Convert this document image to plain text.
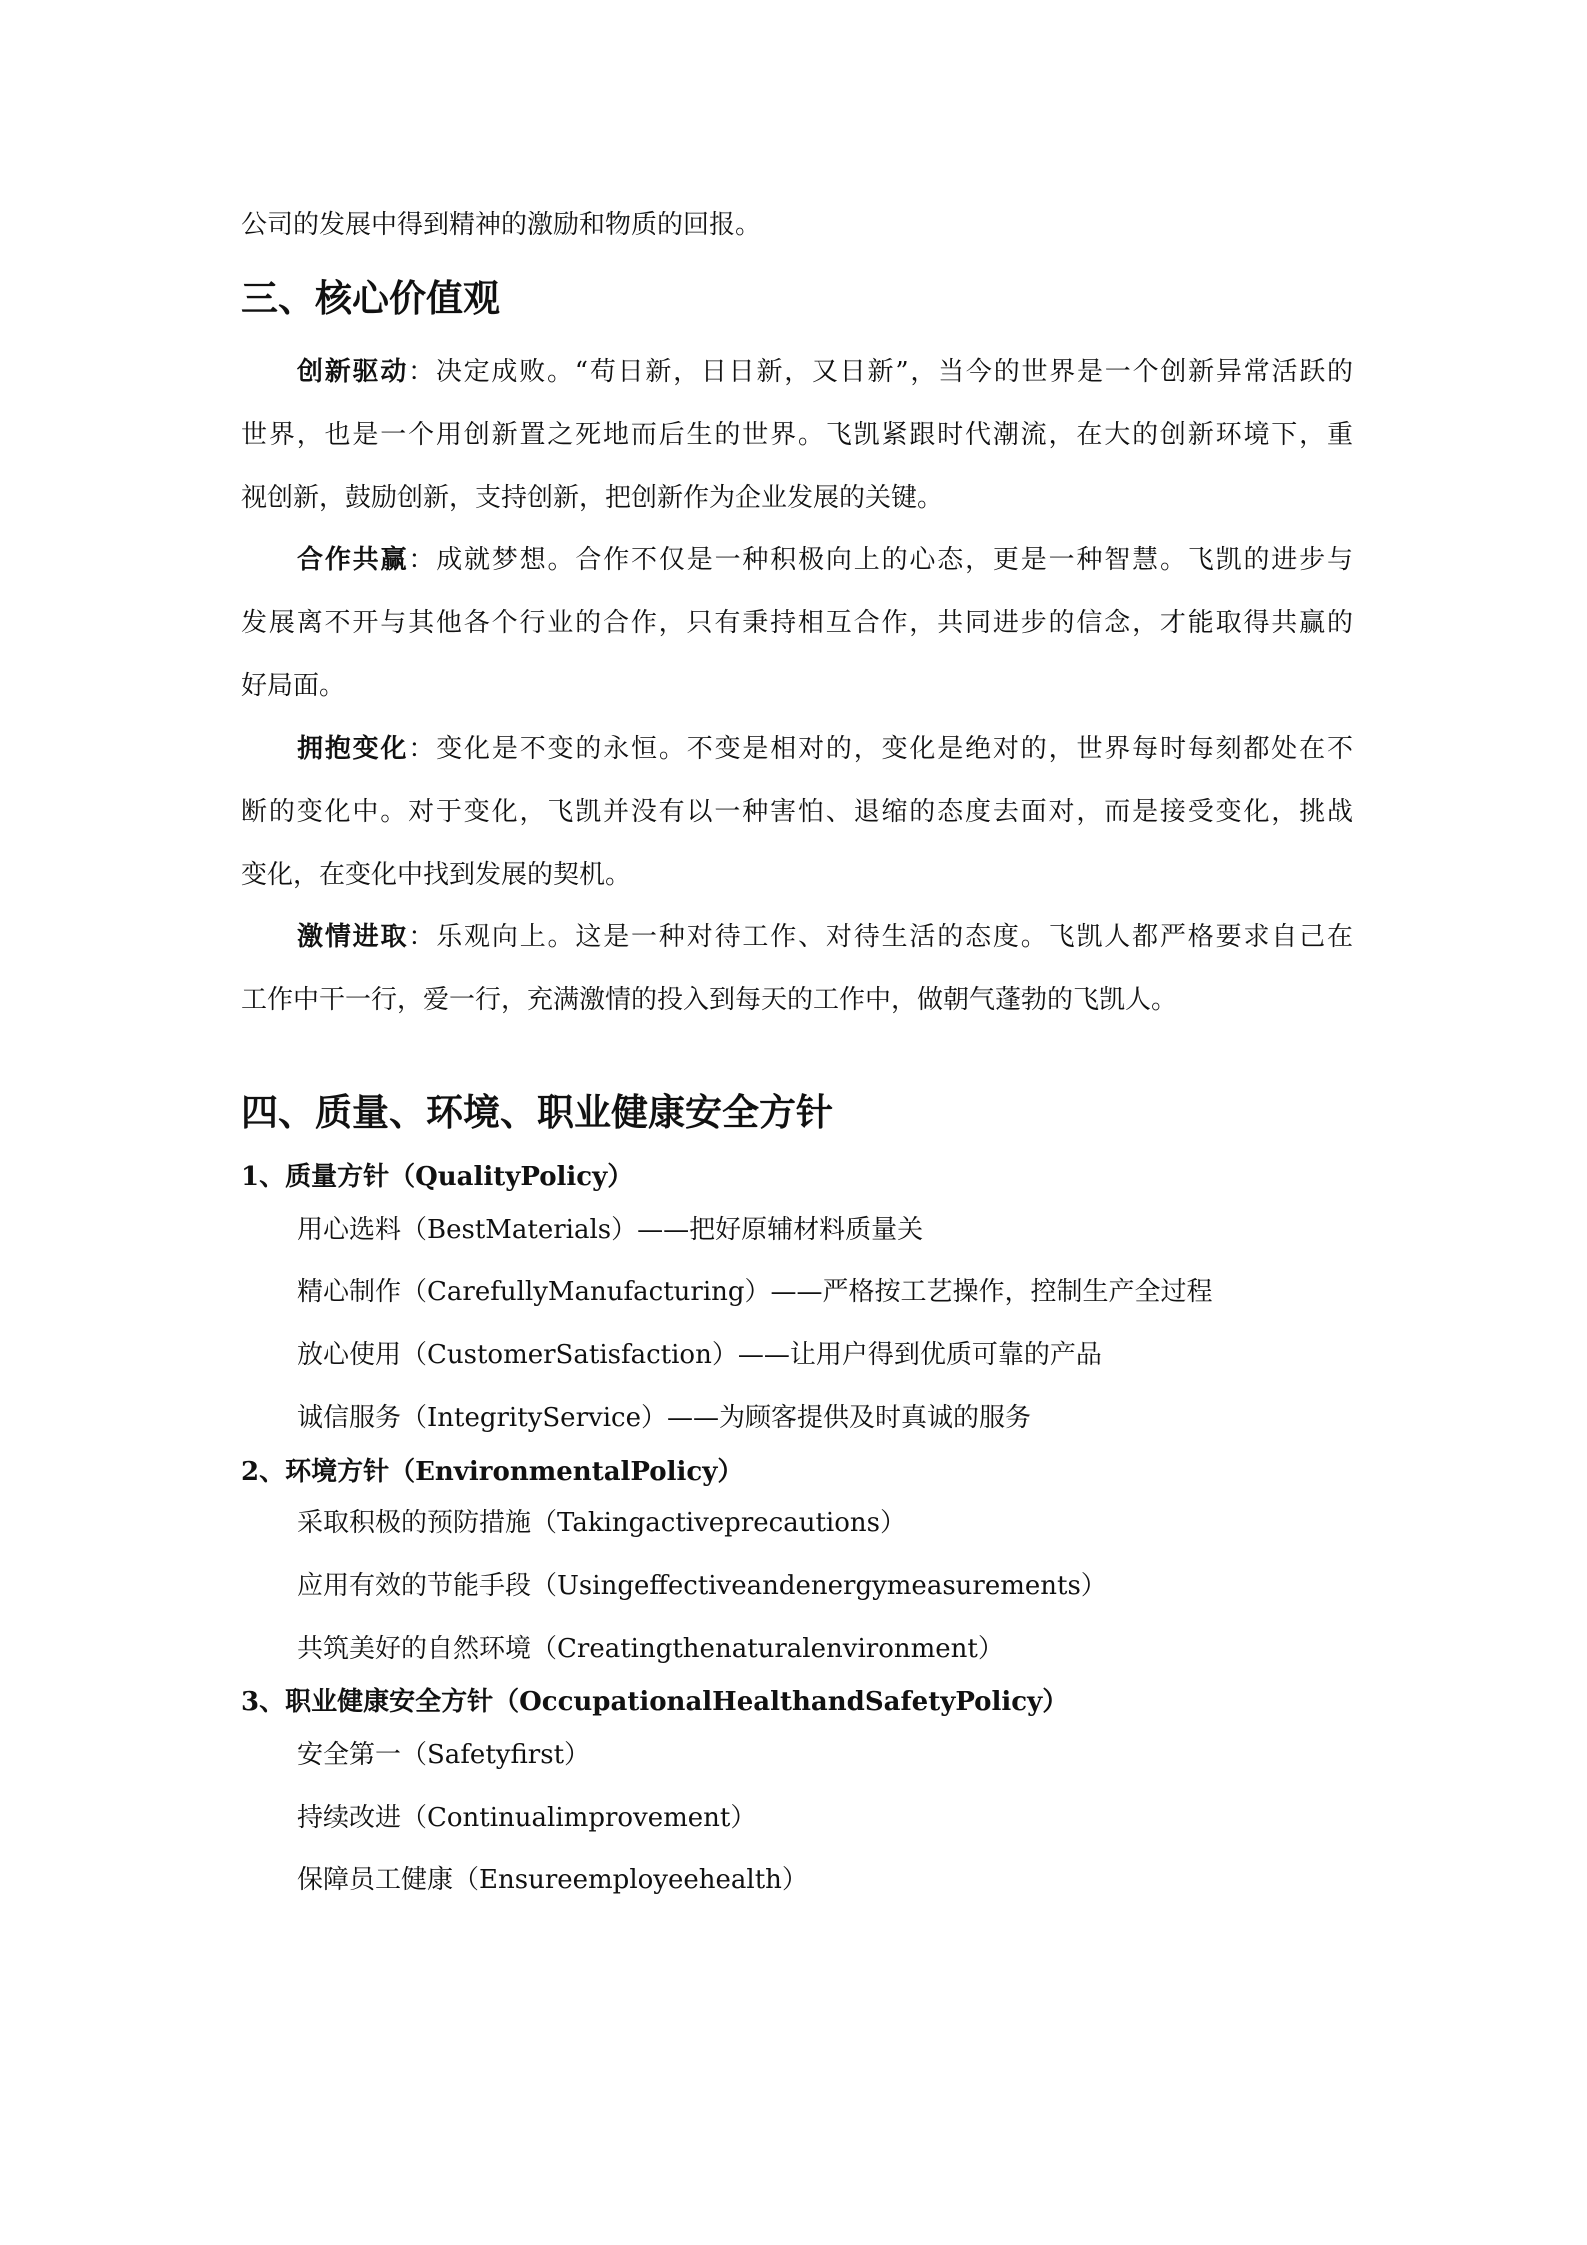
公司的发展中得到精神的激励和物质的回报。
三、核心价值观
创新驱动：决定成败。“苟日新，日日新，又日新”，当今的世界是一个创新异常活跃的
世界，也是一个用创新置之死地而后生的世界。飞凯紧跟时代潮流，在大的创新环境下，重
视创新，鼓励创新，支持创新，把创新作为企业发展的关键。
合作共赢：成就梦想。合作不仅是一种积极向上的心态，更是一种智慧。飞凯的进步与
发展离不开与其他各个行业的合作，只有秉持相互合作，共同进步的信念，才能取得共赢的
好局面。
拥抱变化：变化是不变的永恒。不变是相对的，变化是绝对的，世界每时每刻都处在不
断的变化中。对于变化，飞凯并没有以一种害怕、退缩的态度去面对，而是接受变化，挑战
变化，在变化中找到发展的契机。
激情进取：乐观向上。这是一种对待工作、对待生活的态度。飞凯人都严格要求自己在
工作中干一行，爱一行，充满激情的投入到每天的工作中，做朝气蓬勃的飞凯人。
四、质量、环境、职业健康安全方针
1、质量方针（QualityPolicy）
用心选料（BestMaterials）——把好原辅材料质量关
精心制作（CarefullyManufacturing）——严格按工艺操作，控制生产全过程
放心使用（CustomerSatisfaction）——让用户得到优质可靠的产品
诚信服务（IntegrityService）——为顾客提供及时真诚的服务
2、环境方针（EnvironmentalPolicy）
采取积极的预防措施（Takingactiveprecautions）
应用有效的节能手段（Usingeffectiveandenergymeasurements）
共筑美好的自然环境（Creatingthenaturalenvironment）
3、职业健康安全方针（OccupationalHealthandSafetyPolicy）
安全第一（Safetyfirst）
持续改进（Continualimprovement）
保障员工健康（Ensureemployeehealth）
